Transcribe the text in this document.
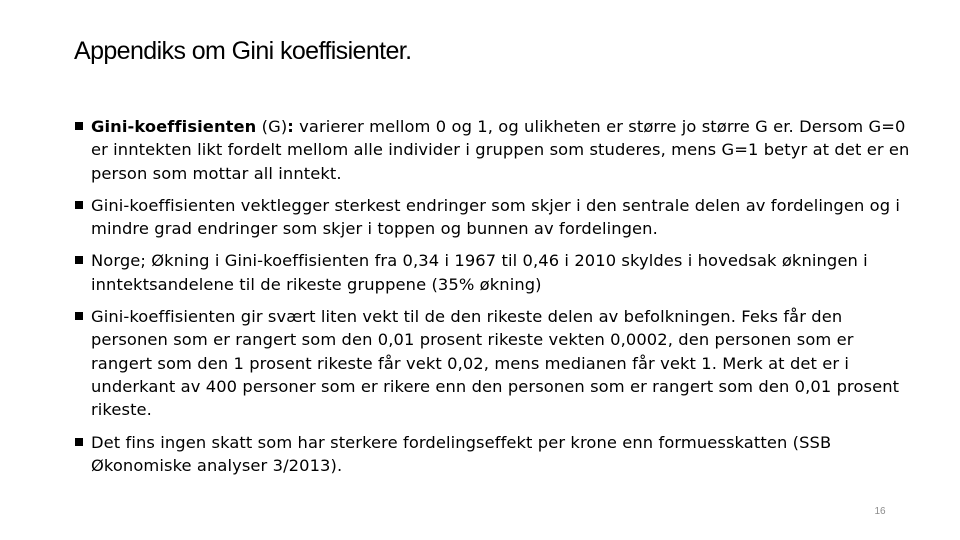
Appendiks om Gini koeffisienter.
Gini-koeffisienten (G): varierer mellom 0 og 1, og ulikheten er større jo større G er. Dersom G=0 er inntekten likt fordelt mellom alle individer i gruppen som studeres, mens G=1 betyr at det er en person som mottar all inntekt.
Gini-koeffisienten vektlegger sterkest endringer som skjer i den sentrale delen av fordelingen og i mindre grad endringer som skjer i toppen og bunnen av fordelingen.
Norge; Økning i Gini-koeffisienten fra 0,34 i 1967 til 0,46 i 2010 skyldes i hovedsak økningen i inntektsandelene til de rikeste gruppene (35% økning)
Gini-koeffisienten gir svært liten vekt til de den rikeste delen av befolkningen. Feks får den personen som er rangert som den 0,01 prosent rikeste vekten 0,0002, den personen som er rangert som den 1 prosent rikeste får vekt 0,02, mens medianen får vekt 1. Merk at det er i underkant av 400 personer som er rikere enn den personen som er rangert som den 0,01 prosent rikeste.
Det fins ingen skatt som har sterkere fordelingseffekt per krone enn formuesskatten (SSB Økonomiske analyser 3/2013).
16
